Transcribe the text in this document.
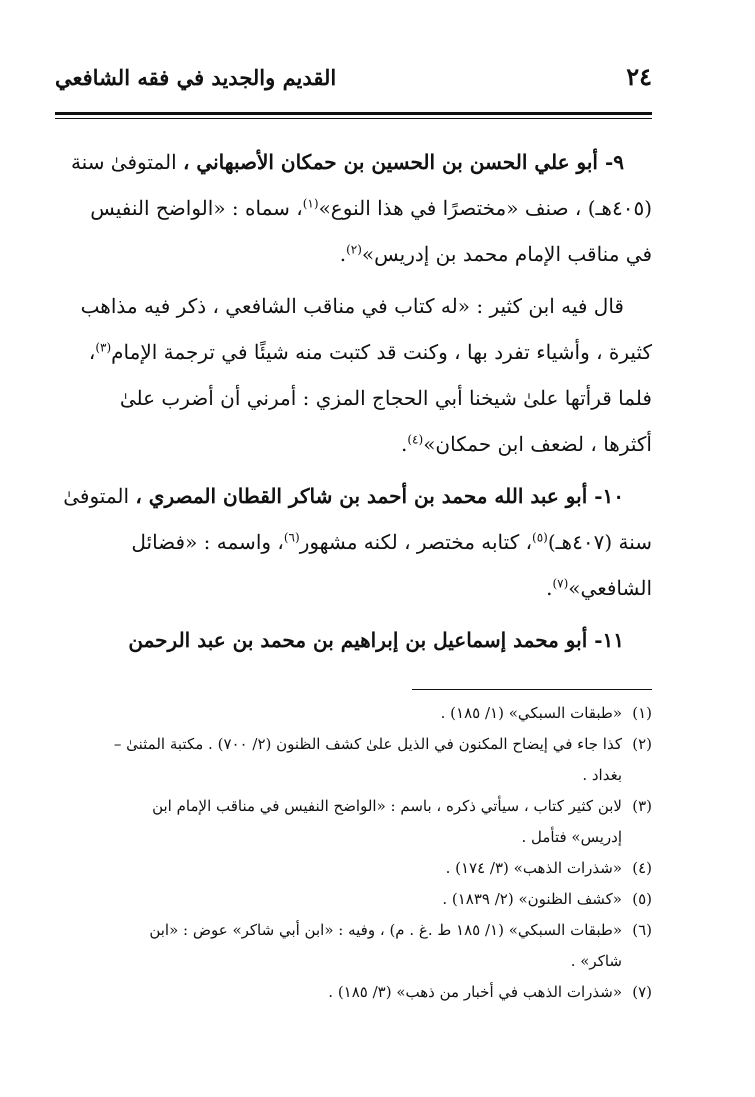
٢٤
القديم والجديد في فقه الشافعي

٩- أبو علي الحسن بن الحسين بن حمكان الأصبهاني ، المتوفىٰ سنة
(٤٠٥هـ) ، صنف «مختصرًا في هذا النوع»$^{(١)}$، سماه : «الواضح النفيس
في مناقب الإمام محمد بن إدريس»$^{(٢)}$.

قال فيه ابن كثير : «له كتاب في مناقب الشافعي ، ذكر فيه مذاهب
كثيرة ، وأشياء تفرد بها ، وكنت قد كتبت منه شيئًا في ترجمة الإمام$^{(٣)}$،
فلما قرأتها علىٰ شيخنا أبي الحجاج المزي : أمرني أن أضرب علىٰ
أكثرها ، لضعف ابن حمكان»$^{(٤)}$.

١٠- أبو عبد الله محمد بن أحمد بن شاكر القطان المصري ، المتوفىٰ
سنة (٤٠٧هـ)$^{(٥)}$، كتابه مختصر ، لكنه مشهور$^{(٦)}$، واسمه : «فضائل
الشافعي»$^{(٧)}$.

١١- أبو محمد إسماعيل بن إبراهيم بن محمد بن عبد الرحمن

(١)«طبقات السبكي» (١/ ١٨٥) .

(٢)كذا جاء في إيضاح المكنون في الذيل علىٰ كشف الظنون (٢/ ٧٠٠) . مكتبة المثنىٰ –

بغداد .

(٣)لابن كثير كتاب ، سيأتي ذكره ، باسم : «الواضح النفيس في مناقب الإمام ابن

إدريس» فتأمل .

(٤)«شذرات الذهب» (٣/ ١٧٤) .

(٥)«كشف الظنون» (٢/ ١٨٣٩) .

(٦)«طبقات السبكي» (١/ ١٨٥ ط .غ . م) ، وفيه : «ابن أبي شاكر» عوض : «ابن

شاكر» .

(٧)«شذرات الذهب في أخبار من ذهب» (٣/ ١٨٥) .
